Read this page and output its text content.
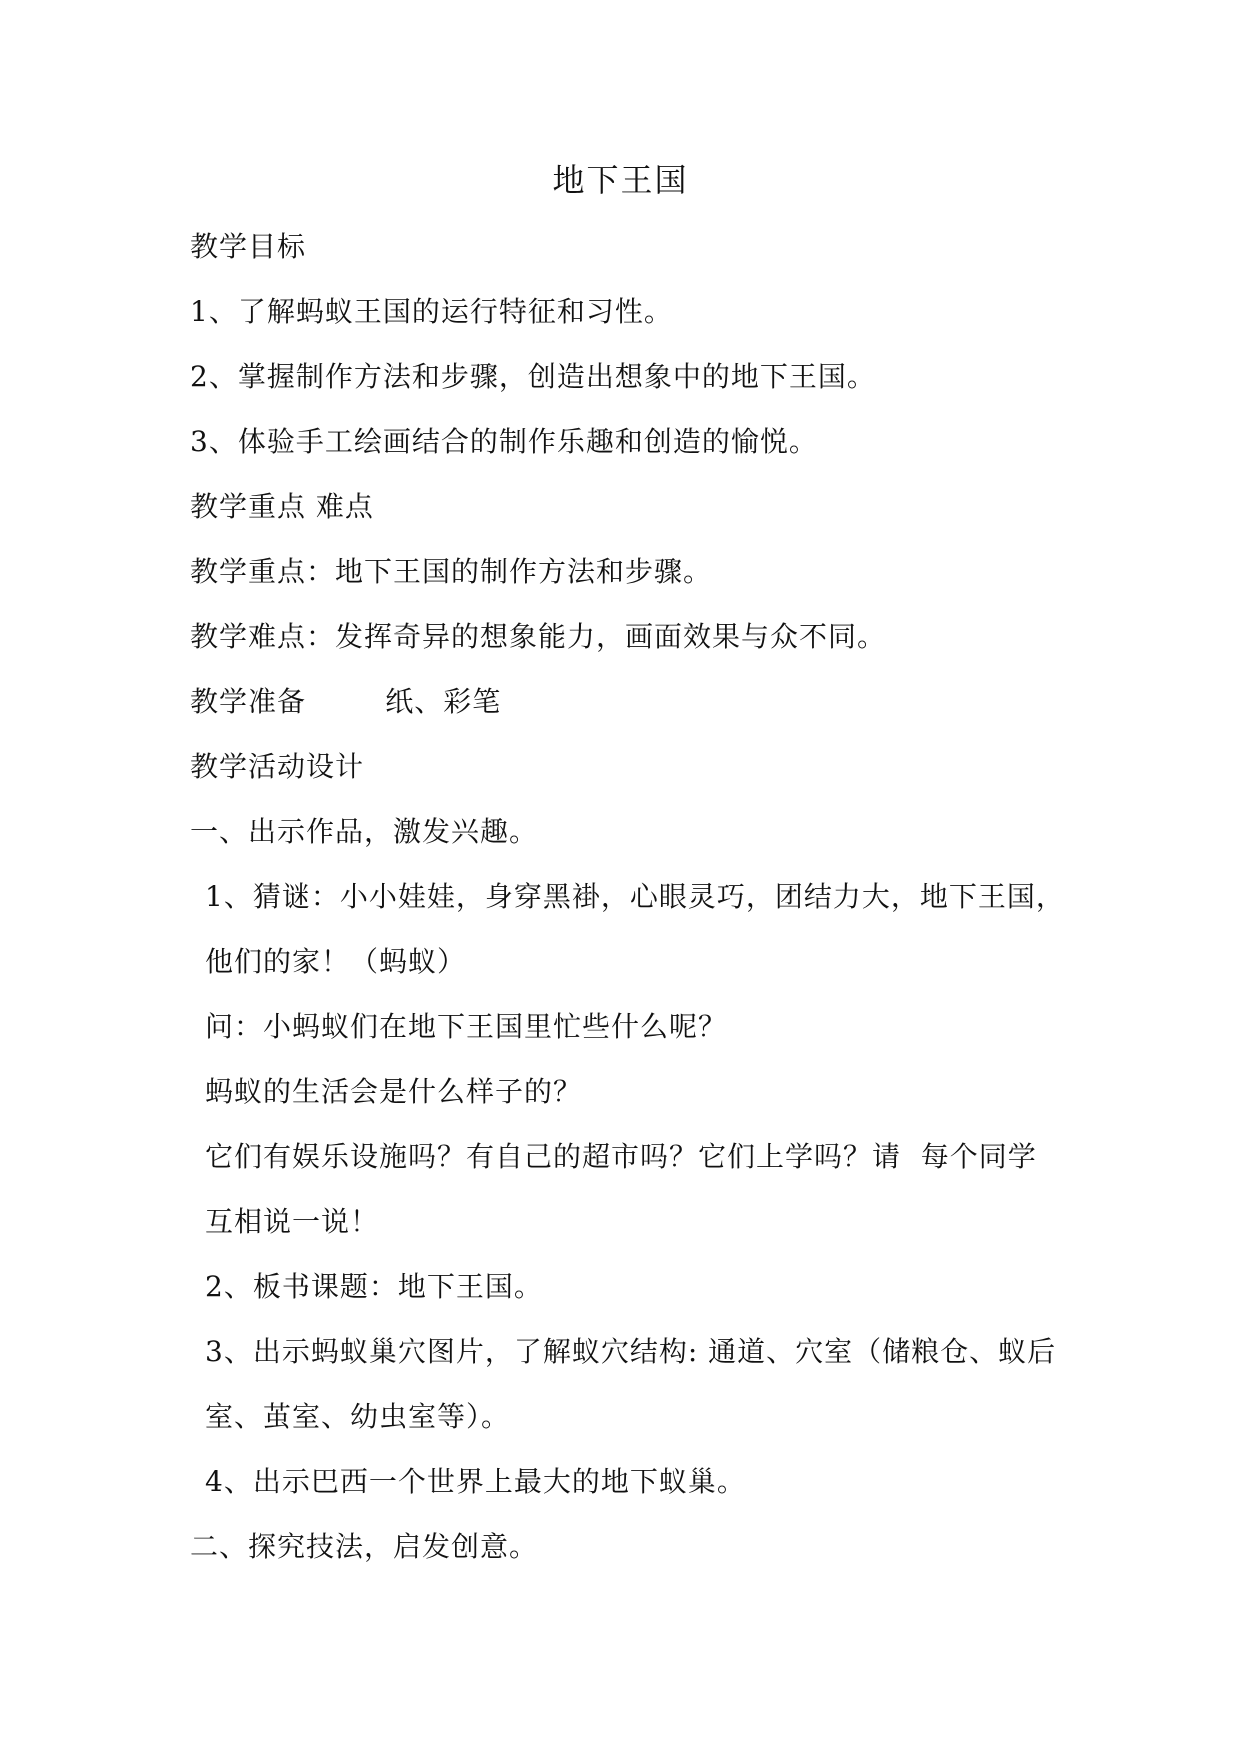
地下王国
教学目标
1、了解蚂蚁王国的运行特征和习性。
2、掌握制作方法和步骤，创造出想象中的地下王国。
3、体验手工绘画结合的制作乐趣和创造的愉悦。
教学重点 难点
教学重点：地下王国的制作方法和步骤。
教学难点：发挥奇异的想象能力，画面效果与众不同。
教学准备        纸、彩笔
教学活动设计
一、出示作品，激发兴趣。
1、猜谜：小小娃娃，身穿黑褂，心眼灵巧，团结力大，地下王国，
他们的家！（蚂蚁）
问：小蚂蚁们在地下王国里忙些什么呢？
蚂蚁的生活会是什么样子的？
它们有娱乐设施吗？有自己的超市吗？它们上学吗？请  每个同学
互相说一说！
2、板书课题：地下王国。
3、出示蚂蚁巢穴图片，了解蚁穴结构: 通道、穴室（储粮仓、蚁后
室、茧室、幼虫室等）。
4、出示巴西一个世界上最大的地下蚁巢。
二、探究技法，启发创意。
